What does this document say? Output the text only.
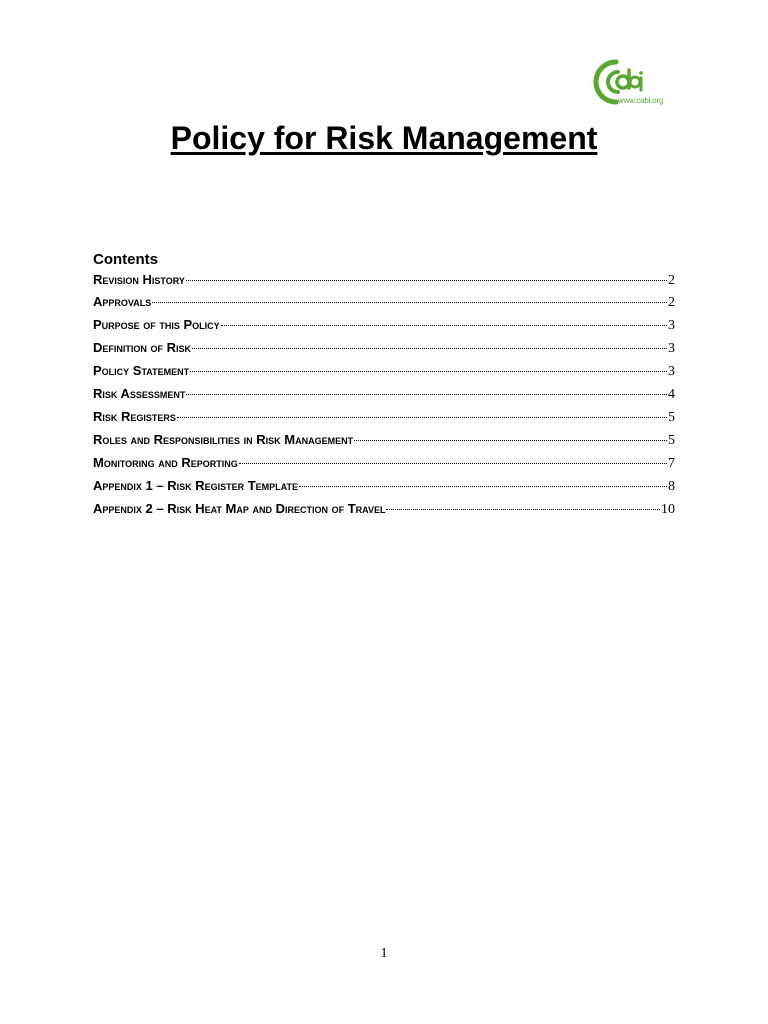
www.cabi.org
Policy for Risk Management

Contents

Revision History	2
Approvals	2
Purpose of this Policy	3
Definition of Risk	3
Policy Statement	3
Risk Assessment	4
Risk Registers	5
Roles and Responsibilities in Risk Management	5
Monitoring and Reporting	7
Appendix 1 – Risk Register Template	8
Appendix 2 – Risk Heat Map and Direction of Travel	10
1
